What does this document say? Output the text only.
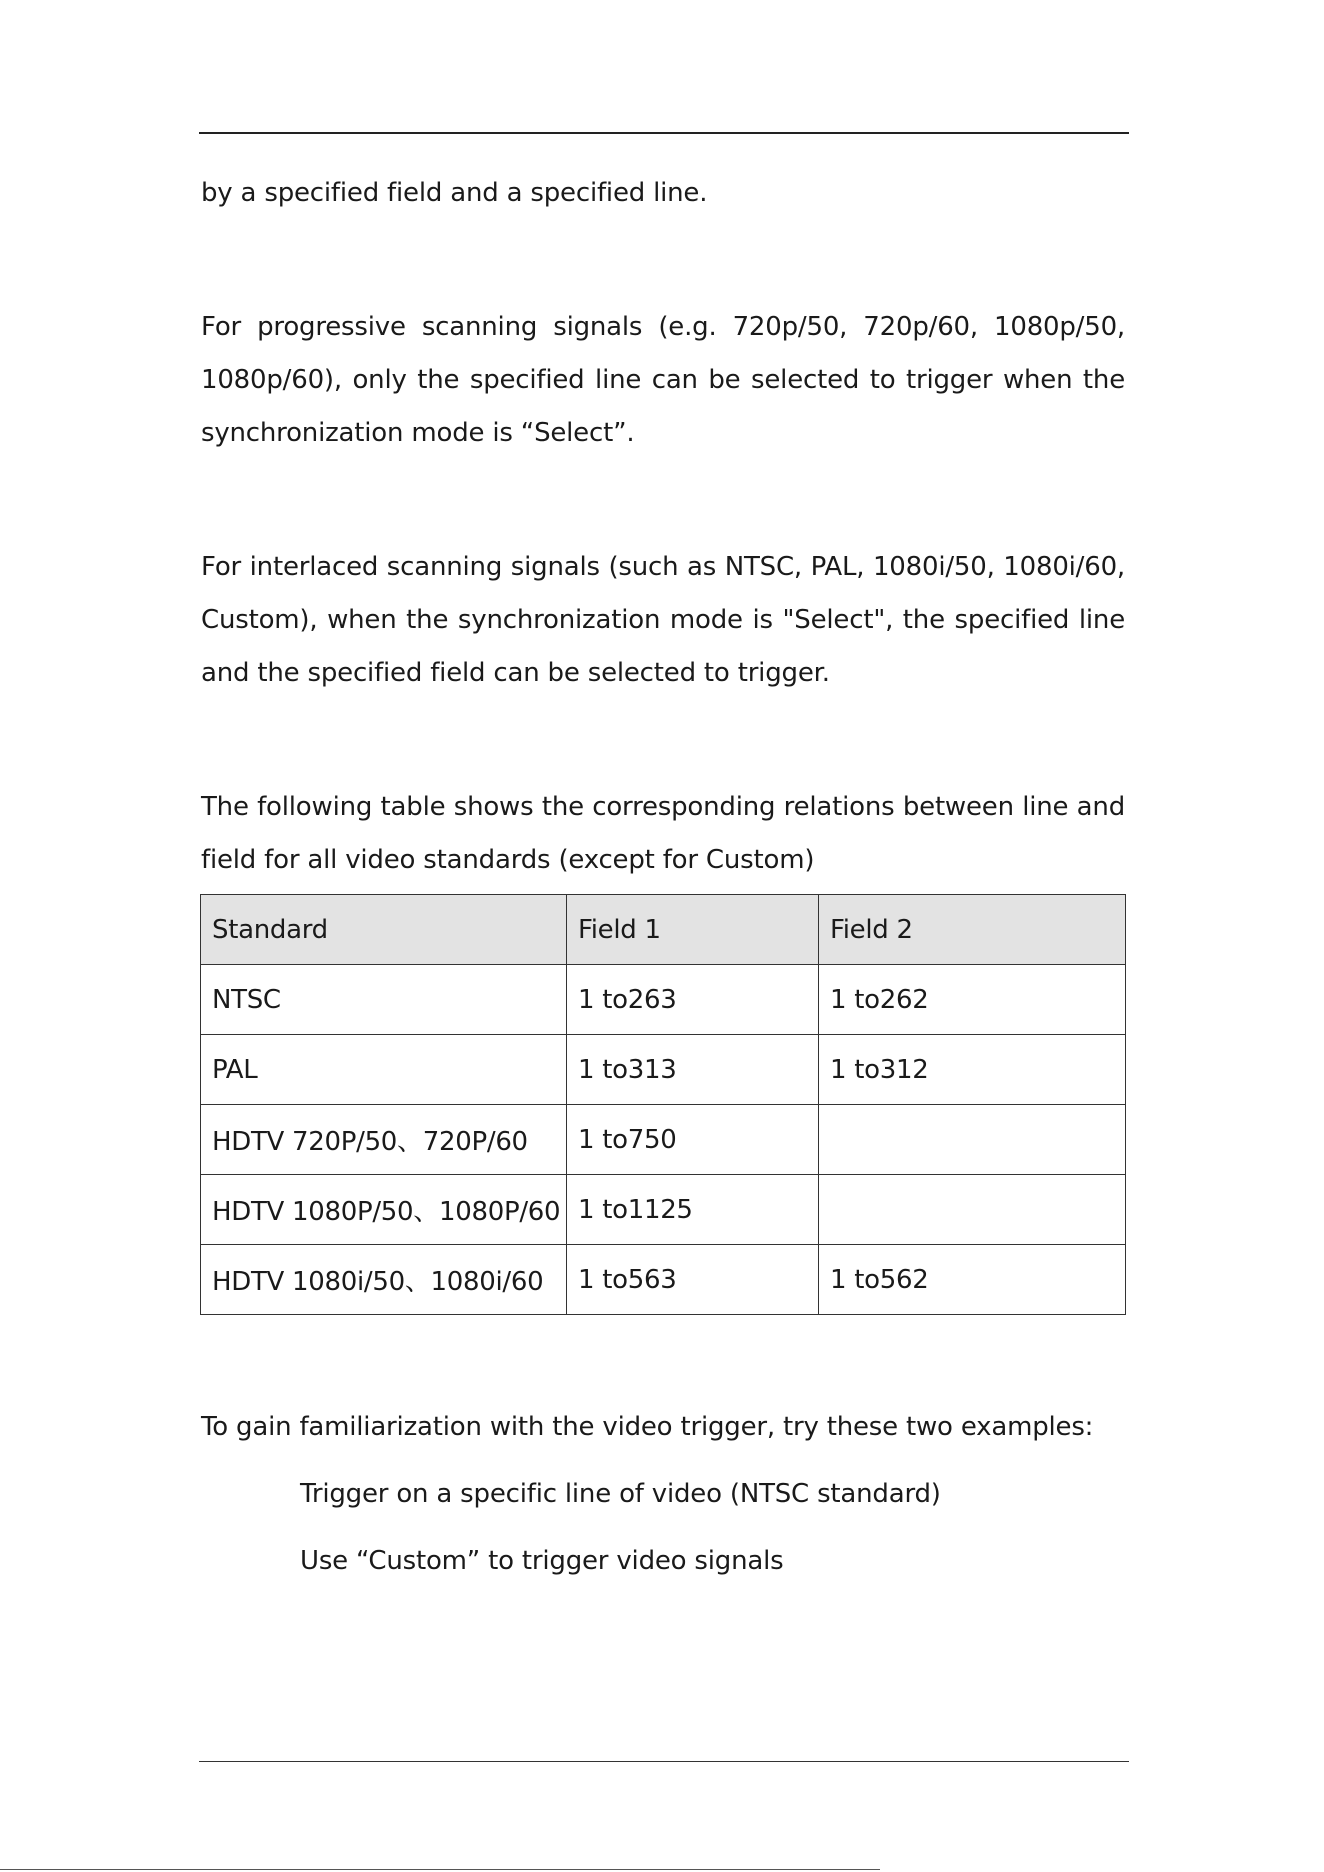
by a specified field and a specified line.

For progressive scanning signals (e.g. 720p/50, 720p/60, 1080p/50, 1080p/60), only the specified line can be selected to trigger when the synchronization mode is “Select”.

For interlaced scanning signals (such as NTSC, PAL, 1080i/50, 1080i/60, Custom), when the synchronization mode is "Select", the specified line and the specified field can be selected to trigger.

The following table shows the corresponding relations between line and field for all video standards (except for Custom)

Standard	Field 1	Field 2
NTSC	1 to263	1 to262
PAL	1 to313	1 to312
HDTV 720P/50、720P/60	1 to750	
HDTV 1080P/50、1080P/60	1 to1125	
HDTV 1080i/50、1080i/60	1 to563	1 to562

To gain familiarization with the video trigger, try these two examples:

Trigger on a specific line of video (NTSC standard)

Use “Custom” to trigger video signals
